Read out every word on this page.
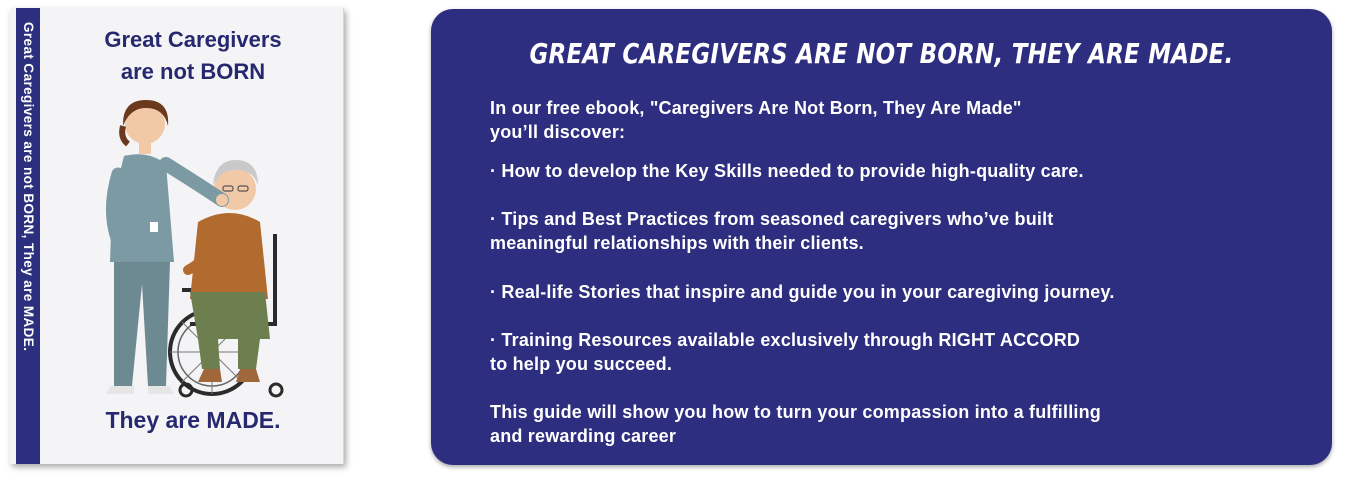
Great Caregivers are not BORN, They are MADE.	Great Caregivers
are not BORN

They are MADE.

GREAT CAREGIVERS ARE NOT BORN, THEY ARE MADE.

In our free ebook, "Caregivers Are Not Born, They Are Made"

you’ll discover:

· How to develop the Key Skills needed to provide high-quality care.

· Tips and Best Practices from seasoned caregivers who’ve built

meaningful relationships with their clients.

· Real-life Stories that inspire and guide you in your caregiving journey.

· Training Resources available exclusively through RIGHT ACCORD

to help you succeed.

This guide will show you how to turn your compassion into a fulfilling

and rewarding career
